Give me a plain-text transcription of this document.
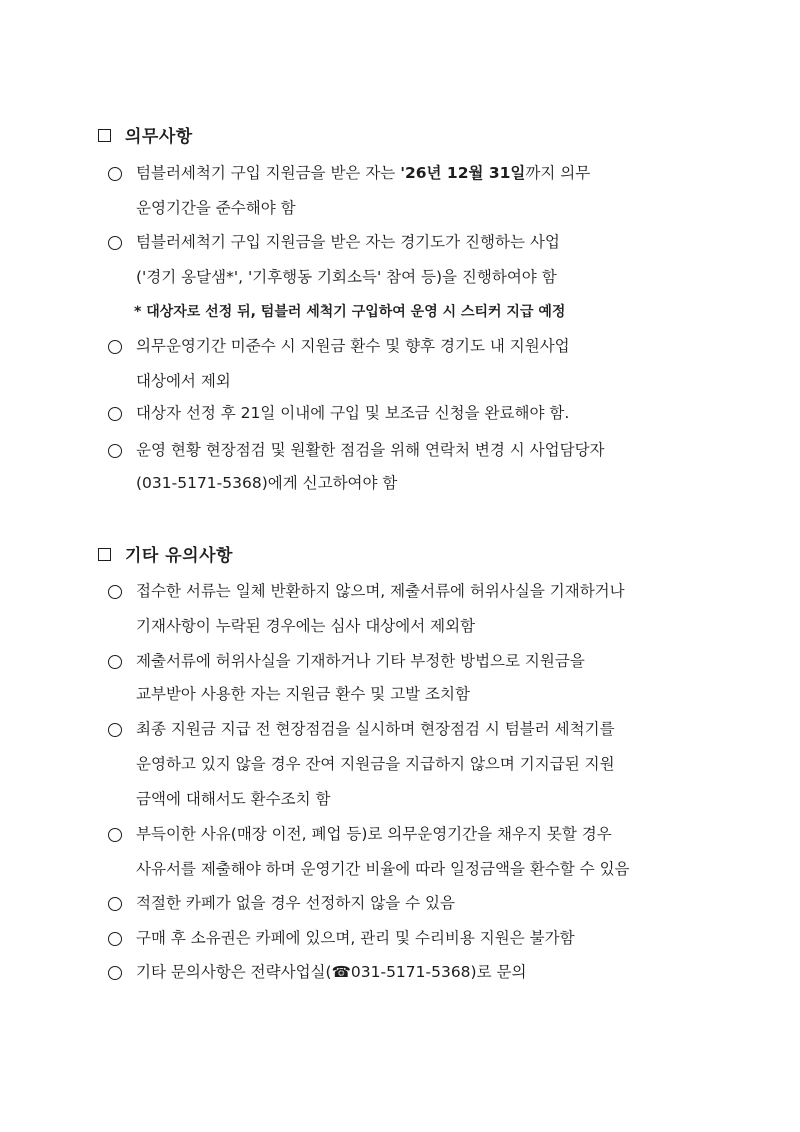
의무사항
텀블러세척기 구입 지원금을 받은 자는 '26년 12월 31일까지 의무
운영기간을 준수해야 함
텀블러세척기 구입 지원금을 받은 자는 경기도가 진행하는 사업
('경기 옹달샘*', '기후행동 기회소득' 참여 등)을 진행하여야 함
* 대상자로 선정 뒤, 텀블러 세척기 구입하여 운영 시 스티커 지급 예정
의무운영기간 미준수 시 지원금 환수 및 향후 경기도 내 지원사업
대상에서 제외
대상자 선정 후 21일 이내에 구입 및 보조금 신청을 완료해야 함.
운영 현황 현장점검 및 원활한 점검을 위해 연락처 변경 시 사업담당자
(031-5171-5368)에게 신고하여야 함
기타 유의사항
접수한 서류는 일체 반환하지 않으며, 제출서류에 허위사실을 기재하거나
기재사항이 누락된 경우에는 심사 대상에서 제외함
제출서류에 허위사실을 기재하거나 기타 부정한 방법으로 지원금을
교부받아 사용한 자는 지원금 환수 및 고발 조치함
최종 지원금 지급 전 현장점검을 실시하며 현장점검 시 텀블러 세척기를
운영하고 있지 않을 경우 잔여 지원금을 지급하지 않으며 기지급된 지원
금액에 대해서도 환수조치 함
부득이한 사유(매장 이전, 폐업 등)로 의무운영기간을 채우지 못할 경우
사유서를 제출해야 하며 운영기간 비율에 따라 일정금액을 환수할 수 있음
적절한 카페가 없을 경우 선정하지 않을 수 있음
구매 후 소유권은 카페에 있으며, 관리 및 수리비용 지원은 불가함
기타 문의사항은 전략사업실(☎031-5171-5368)로 문의
